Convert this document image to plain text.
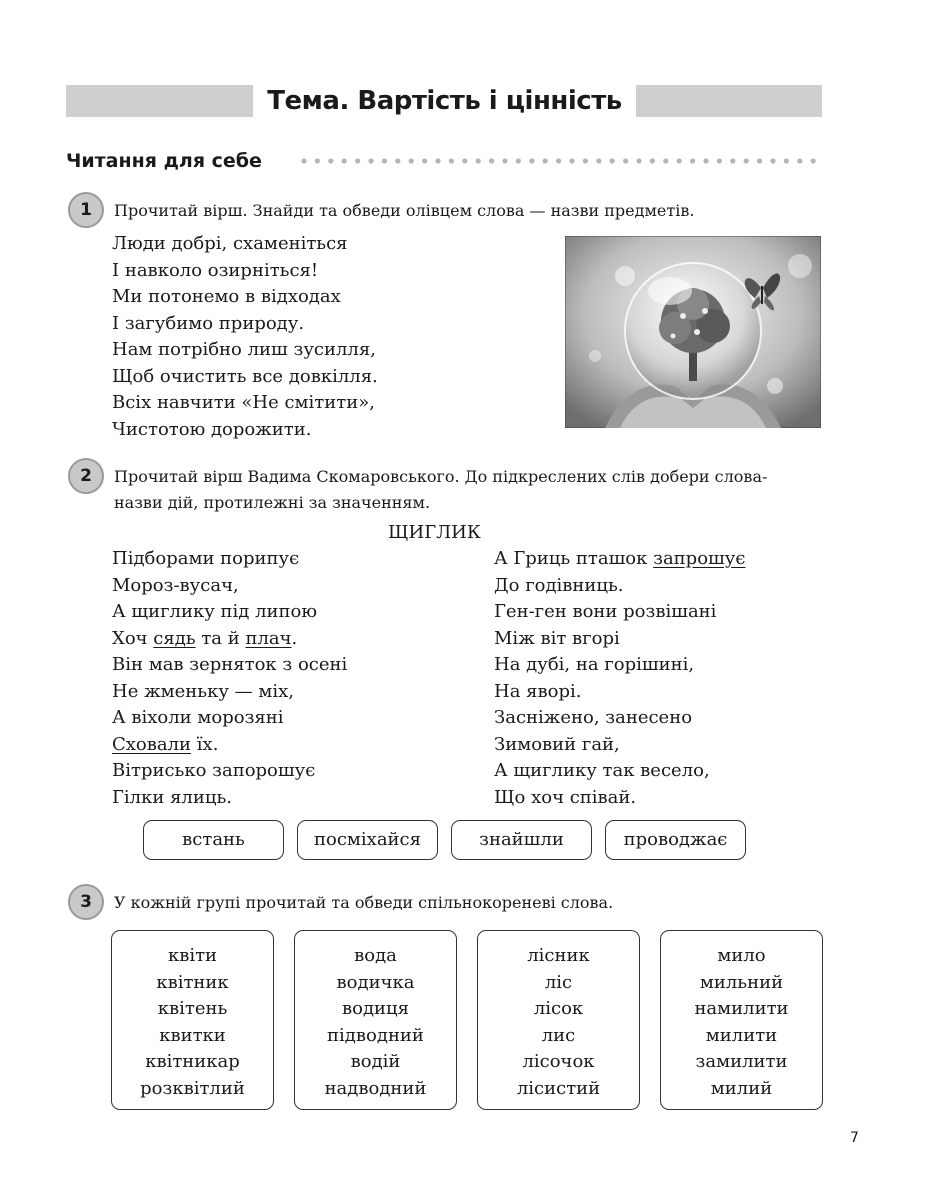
Тема. Вартість і цінність
Читання для себе
1	Прочитай вірш. Знайди та обведи олівцем слова — назви предметів.
Люди добрі, схаменіться
І навколо озирніться!
Ми потонемо в відходах
І загубимо природу.
Нам потрібно лиш зусилля,
Щоб очистить все довкілля.
Всіх навчити «Не смітити»,
Чистотою дорожити.
2	Прочитай вірш Вадима Скомаровського. До підкреслених слів добери слова-
назви дій, протилежні за значенням.
ЩИГЛИК
Підборами порипує
Мороз-вусач,
А щиглику під липою
Хоч сядь та й плач.
Він мав зерняток з осені
Не жменьку — міх,
А віхоли морозяні
Сховали їх.
Вітрисько запорошує
Гілки ялиць.
А Гриць пташок запрошує
До годівниць.
Ген-ген вони розвішані
Між віт вгорі
На дубі, на горішині,
На яворі.
Засніжено, занесено
Зимовий гай,
А щиглику так весело,
Що хоч співай.
встань	посміхайся	знайшли	проводжає
3	У кожній групі прочитай та обведи спільнокореневі слова.
квіти
квітник
квітень
квитки
квітникар
розквітлий
вода
водичка
водиця
підводний
водій
надводний
лісник
ліс
лісок
лис
лісочок
лісистий
мило
мильний
намилити
милити
замилити
милий
7
